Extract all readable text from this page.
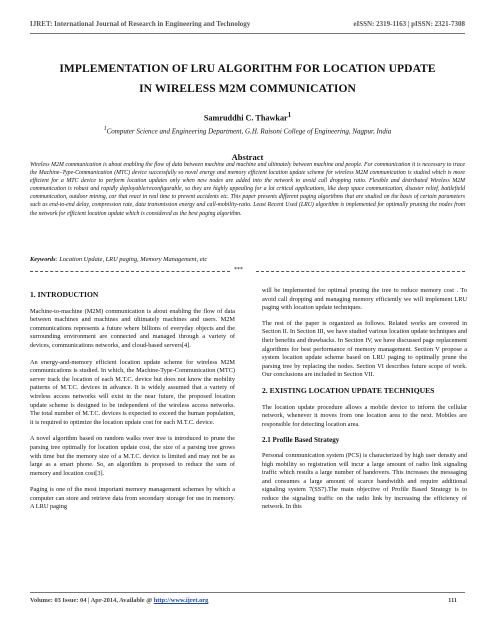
IJRET: International Journal of Research in Engineering and Technology	eISSN: 2319-1163 | pISSN: 2321-7308
IMPLEMENTATION OF LRU ALGORITHM FOR LOCATION UPDATE
IN WIRELESS M2M COMMUNICATION
Samruddhi C. Thawkar$^1$
$^1$Computer Science and Engineering Department, G.H. Raisoni College of Engineering, Nagpur, India
Abstract
Wireless M2M communication is about enabling the flow of data between machine and machine and ultimately between machine and people. For communication it is necessary to trace the Machine–Type-Communication (MTC) device successfully so novel energy and memory efficient location update scheme for wireless M2M communication is studied which is more efficient for a MTC device to perform location updates only when new nodes are added into the network to avoid call dropping ratio. Flexible and distributed Wireless M2M communication is robust and rapidly deployable/reconfigurable, so they are highly appealing for a lot critical applications, like deep space communication, disaster relief, battlefield communication, outdoor mining, car that react in real time to prevent accidents etc. This paper presents different paging algorithms that are studied on the basis of certain parameters such as end-to-end delay, compression rate, data transmission energy and call-mobility-ratio. Least Recent Used (LRU) algorithm is implemented for optimally pruning the nodes from the network for efficient location update which is considered as the best paging algorithm.
Keywords: Location Update, LRU paging, Memory Management, etc
***
1. INTRODUCTION

Machine-to-machine (M2M) communication is about enabling the flow of data between machines and machines and ultimately machines and users. M2M communications represents a future where billions of everyday objects and the surrounding environment are connected and managed through a variety of devices, communications networks, and cloud-based servers[4].

An energy-and-memory efficient location update scheme for wireless M2M communications is studied. In which, the Machine-Type-Communication (MTC) server track the location of each M.T.C. device but does not know the mobility patterns of M.T.C. devices in advance. It is widely assumed that a variety of wireless access networks will exist in the near future, the proposed location update scheme is designed to be independent of the wireless access networks. The total number of M.T.C. devices is expected to exceed the human population, it is required to optimize the location update cost for each M.T.C. device.

A novel algorithm based on random walks over tree is introduced to prune the parsing tree optimally for location update cost, the size of a parsing tree grows with time but the memory size of a M.T.C. device is limited and may not be as large as a smart phone. So, an algorithm is proposed to reduce the sum of memory and location cost[3].

Paging is one of the most important memory management schemes by which a computer can store and retrieve data from secondary storage for use in memory. A LRU paging

will be implemented for optimal pruning the tree to reduce memory cost . To avoid call dropping and managing memory efficiently we will implement LRU paging with location update techniques.

The rest of the paper is organized as follows. Related works are covered in Section II. In Section III, we have studied various location update techniques and their benefits and drawbacks. In Section IV, we have discussed page replacement algorithms for best performance of memory management. Section V propose a system location update scheme based on LRU paging to optimally prune the parsing tree by replacing the nodes. Section VI describes future scope of work. Our conclusions are included in Section VII.

2. EXISTING LOCATION UPDATE TECHNIQUES

The location update procedure allows a mobile device to inform the cellular network, whenever it moves from one location area to the next. Mobiles are responsible for detecting location area.

2.1 Profile Based Strategy

Personal communication system (PCS) is characterized by high user density and high mobility so registration will incur a large amount of radio link signaling traffic which results a large number of handovers. This increases the messaging and consumes a large amount of scarce bandwidth and require additional signaling system 7(SS7).The main objective of Profile Based Strategy is to reduce the signaling traffic on the radio link by increasing the efficiency of network. In this

Volume: 03 Issue: 04 | Apr-2014, Available @ http://www.ijret.org	111
